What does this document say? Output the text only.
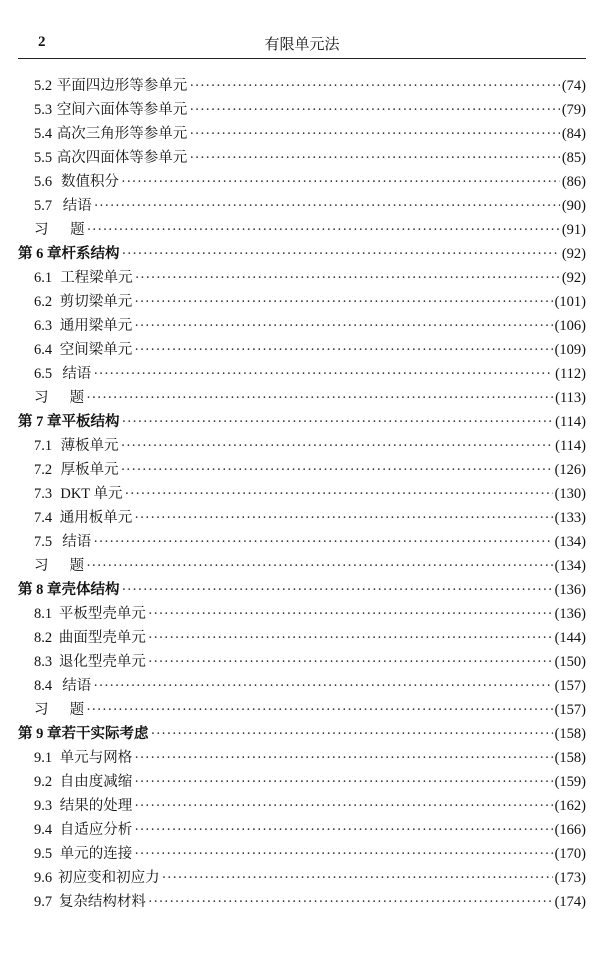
2	有限单元法
5.2 平面四边形等参单元 ·····	(74)
5.3 空间六面体等参单元 ·····	(79)
5.4 高次三角形等参单元 ·····	(84)
5.5 高次四面体等参单元 ·····	(85)
5.6 数值积分 ·····	(86)
5.7 结语 ·····	(90)
习	题 ·····	(91)
第 6 章 杆系结构 ·····	(92)
6.1 工程梁单元 ·····	(92)
6.2 剪切梁单元 ·····	(101)
6.3 通用梁单元 ·····	(106)
6.4 空间梁单元 ·····	(109)
6.5 结语 ·····	(112)
习	题 ·····	(113)
第 7 章 平板结构 ·····	(114)
7.1 薄板单元 ·····	(114)
7.2 厚板单元 ·····	(126)
7.3 DKT 单元 ·····	(130)
7.4 通用板单元 ·····	(133)
7.5 结语 ·····	(134)
习	题 ·····	(134)
第 8 章 壳体结构 ·····	(136)
8.1 平板型壳单元 ·····	(136)
8.2 曲面型壳单元 ·····	(144)
8.3 退化型壳单元 ·····	(150)
8.4 结语 ·····	(157)
习	题 ·····	(157)
第 9 章 若干实际考虑 ·····	(158)
9.1 单元与网格 ·····	(158)
9.2 自由度减缩 ·····	(159)
9.3 结果的处理 ·····	(162)
9.4 自适应分析 ·····	(166)
9.5 单元的连接 ·····	(170)
9.6 初应变和初应力 ·····	(173)
9.7 复杂结构材料 ·····	(174)
